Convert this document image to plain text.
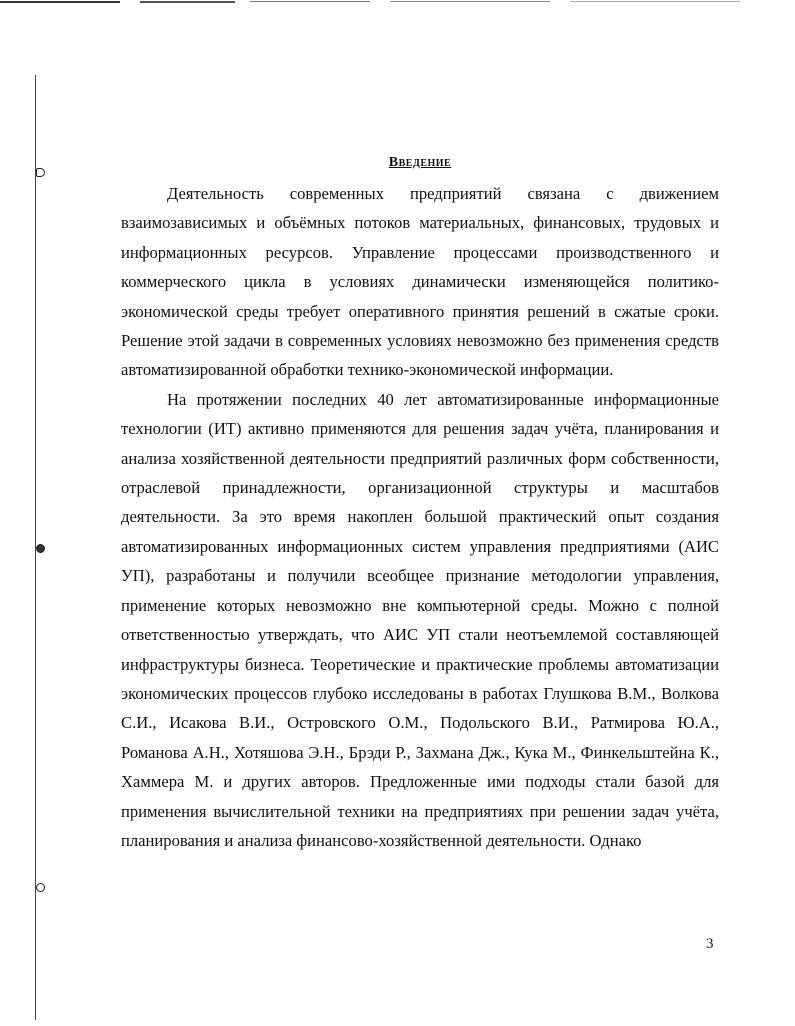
Введение

Деятельность современных предприятий связана с движением взаимозависимых и объёмных потоков материальных, финансовых, трудовых и информационных ресурсов. Управление процессами производственного и коммерческого цикла в условиях динамически изменяющейся политико-экономической среды требует оперативного принятия решений в сжатые сроки. Решение этой задачи в современных условиях невозможно без применения средств автоматизированной обработки технико-экономической информации.

На протяжении последних 40 лет автоматизированные информационные технологии (ИТ) активно применяются для решения задач учёта, планирования и анализа хозяйственной деятельности предприятий различных форм собственности, отраслевой принадлежности, организационной структуры и масштабов деятельности. За это время накоплен большой практический опыт создания автоматизированных информационных систем управления предприятиями (АИС УП), разработаны и получили всеобщее признание методологии управления, применение которых невозможно вне компьютерной среды. Можно с полной ответственностью утверждать, что АИС УП стали неотъемлемой составляющей инфраструктуры бизнеса. Теоретические и практические проблемы автоматизации экономических процессов глубоко исследованы в работах Глушкова В.М., Волкова С.И., Исакова В.И., Островского О.М., Подольского В.И., Ратмирова Ю.А., Романова А.Н., Хотяшова Э.Н., Брэди Р., Захмана Дж., Кука М., Финкельштейна К., Хаммера М. и других авторов. Предложенные ими подходы стали базой для применения вычислительной техники на предприятиях при решении задач учёта, планирования и анализа финансово-хозяйственной деятельности. Однако

3
